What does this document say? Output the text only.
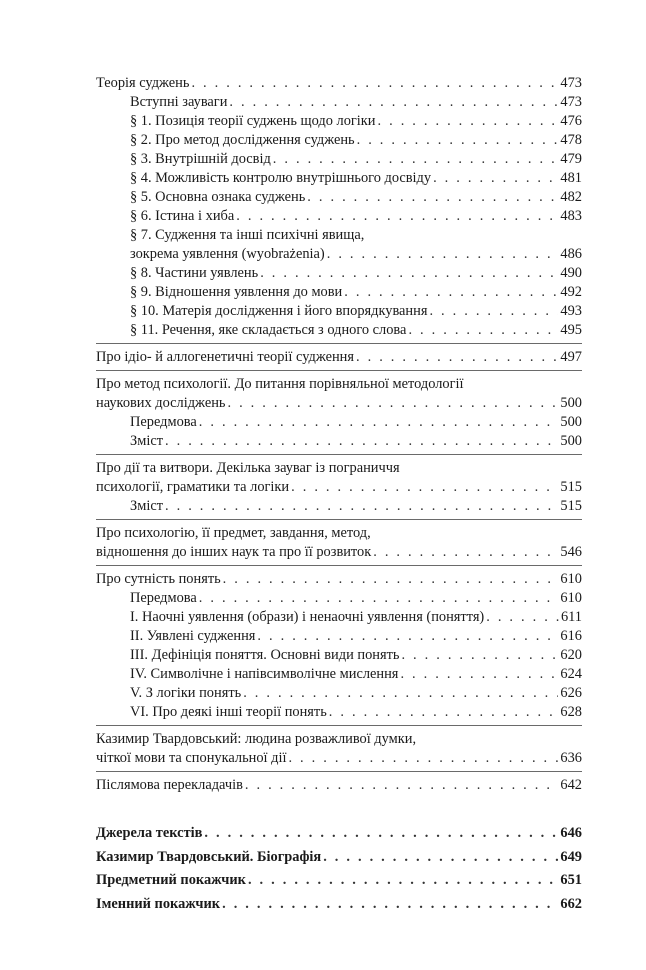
Теорія суджень . . .	473
Вступні зауваги . . .	473
§ 1. Позиція теорії суджень щодо логіки . . .	476
§ 2. Про метод дослідження суджень . . .	478
§ 3. Внутрішній досвід . . .	479
§ 4. Можливість контролю внутрішнього досвіду . . .	481
§ 5. Основна ознака суджень . . .	482
§ 6. Істина і хиба . . .	483
§ 7. Судження та інші психічні явища,
зокрема уявлення (wyobrażenia) . . .	486
§ 8. Частини уявлень . . .	490
§ 9. Відношення уявлення до мови . . .	492
§ 10. Матерія дослідження і його впорядкування . . .	493
§ 11. Речення, яке складається з одного слова . . .	495
Про ідіо- й аллогенетичні теорії судження . . .	497
Про метод психології. До питання порівняльної методології
наукових досліджень . . .	500
Передмова . . .	500
Зміст . . .	500
Про дії та витвори. Декілька зауваг із пограниччя
психології, граматики та логіки . . .	515
Зміст . . .	515
Про психологію, її предмет, завдання, метод,
відношення до інших наук та про її розвиток . . .	546
Про сутність понять . . .	610
Передмова . . .	610
І. Наочні уявлення (образи) і ненаочні уявлення (поняття) . . .	611
ІІ. Уявлені судження . . .	616
ІІІ. Дефініція поняття. Основні види понять . . .	620
IV. Символічне і напівсимволічне мислення . . .	624
V. З логіки понять . . .	626
VI. Про деякі інші теорії понять . . .	628
Казимир Твардовський: людина розважливої думки,
чіткої мови та спонукальної дії . . .	636
Післямова перекладачів . . .	642
Джерела текстів . . .	646
Казимир Твардовський. Біографія . . .	649
Предметний покажчик . . .	651
Іменний покажчик . . .	662
